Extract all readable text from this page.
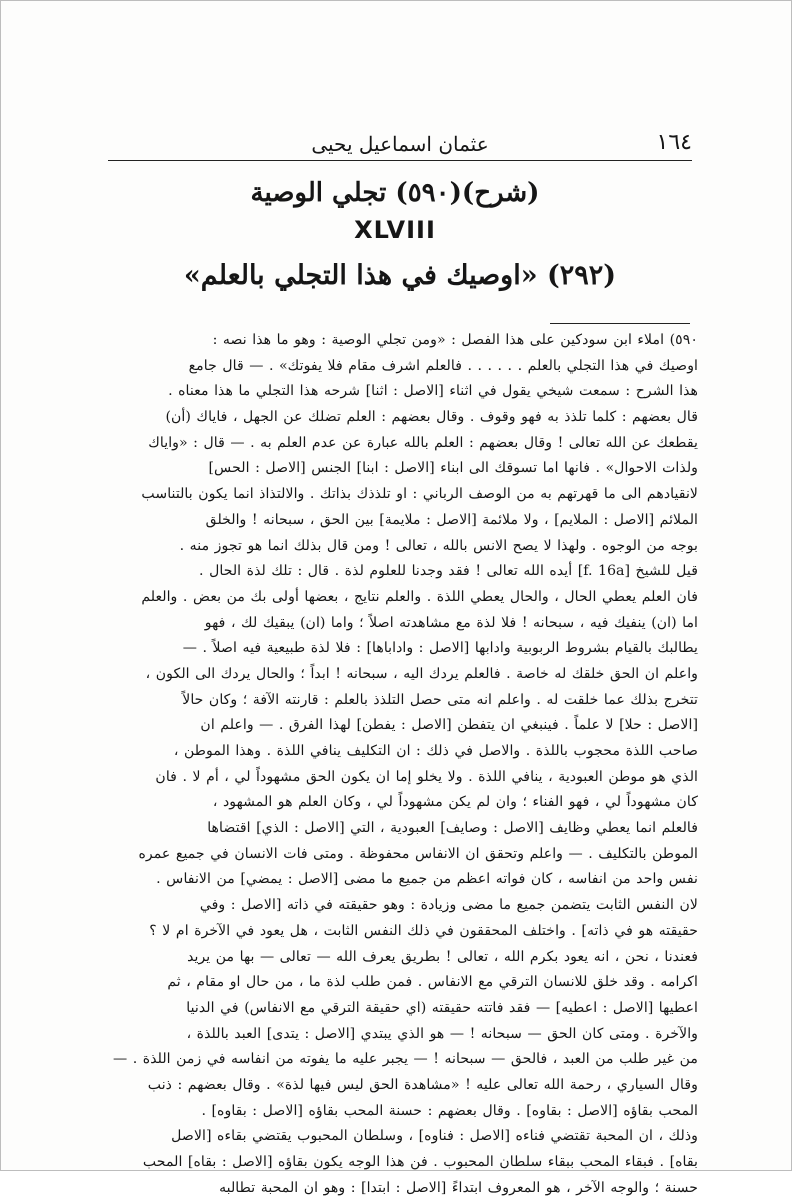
١٦٤
عثمان اسماعيل يحيى
(شرح)(٥٩٠) تجلي الوصية
XLVIII
(٢٩٢) «اوصيك في هذا التجلي بالعلم»
٥٩٠) املاء ابن سودكين على هذا الفصل : «ومن تجلي الوصية : وهو ما هذا نصه :
اوصيك في هذا التجلي بالعلم . . . . . . فالعلم اشرف مقام فلا يفوتك» . — قال جامع
هذا الشرح : سمعت شيخي يقول في اثناء [الاصل : اثنا] شرحه هذا التجلي ما هذا معناه .
قال بعضهم : كلما تلذذ به فهو وقوف . وقال بعضهم : العلم تضلك عن الجهل ، فاياك (أن)
يقطعك عن الله تعالى ! وقال بعضهم : العلم بالله عبارة عن عدم العلم به . — قال : «واياك
ولذات الاحوال» . فانها اما تسوقك الى ابناء [الاصل : ابنا] الجنس [الاصل : الحس]
لانقيادهم الى ما قهرتهم به من الوصف الرباني : او تلذذك بذاتك . والالتذاذ انما يكون بالتناسب
الملائم [الاصل : الملايم] ، ولا ملائمة [الاصل : ملايمة] بين الحق ، سبحانه ! والخلق
بوجه من الوجوه . ولهذا لا يصح الانس بالله ، تعالى ! ومن قال بذلك انما هو تجوز منه .
قيل للشيخ [f. 16a] أيده الله تعالى ! فقد وجدنا للعلوم لذة . قال : تلك لذة الحال .
فان العلم يعطي الحال ، والحال يعطي اللذة . والعلم نتايج ، بعضها أولى بك من بعض . والعلم
اما (ان) ينفيك فيه ، سبحانه ! فلا لذة مع مشاهدته اصلاً ؛ واما (ان) يبقيك لك ، فهو
يطالبك بالقيام بشروط الربوبية وادابها [الاصل : واداباها] : فلا لذة طبيعية فيه اصلاً . —
واعلم ان الحق خلقك له خاصة . فالعلم يردك اليه ، سبحانه ! ابداً ؛ والحال يردك الى الكون ،
تتخرج بذلك عما خلقت له . واعلم انه متى حصل التلذذ بالعلم : قارنته الآفة ؛ وكان حالاً
[الاصل : حلا] لا علماً . فينبغي ان يتفطن [الاصل : يفطن] لهذا الفرق . — واعلم ان
صاحب اللذة محجوب باللذة . والاصل في ذلك : ان التكليف ينافي اللذة . وهذا الموطن ،
الذي هو موطن العبودية ، ينافي اللذة . ولا يخلو إما ان يكون الحق مشهوداً لي ، أم لا . فان
كان مشهوداً لي ، فهو الفناء ؛ وان لم يكن مشهوداً لي ، وكان العلم هو المشهود ،
فالعلم انما يعطي وظايف [الاصل : وصايف] العبودية ، التي [الاصل : الذي] اقتضاها
الموطن بالتكليف . — واعلم وتحقق ان الانفاس محفوظة . ومتى فات الانسان في جميع عمره
نفس واحد من انفاسه ، كان فواته اعظم من جميع ما مضى [الاصل : يمضي] من الانفاس .
لان النفس الثابت يتضمن جميع ما مضى وزيادة : وهو حقيقته في ذاته [الاصل : وفي
حقيقته هو في ذاته] . واختلف المحققون في ذلك النفس الثابت ، هل يعود في الآخرة ام لا ؟
فعندنا ، نحن ، انه يعود بكرم الله ، تعالى ! بطريق يعرف الله — تعالى — بها من يريد
اكرامه . وقد خلق للانسان الترقي مع الانفاس . فمن طلب لذة ما ، من حال او مقام ، ثم
اعطيها [الاصل : اعطيه] — فقد فاتته حقيقته (اي حقيقة الترقي مع الانفاس) في الدنيا
والآخرة . ومتى كان الحق — سبحانه ! — هو الذي يبتدي [الاصل : يتدى] العبد باللذة ،
من غير طلب من العبد ، فالحق — سبحانه ! — يجبر عليه ما يفوته من انفاسه في زمن اللذة . —
وقال السياري ، رحمة الله تعالى عليه ! «مشاهدة الحق ليس فيها لذة» . وقال بعضهم : ذنب
المحب بقاؤه [الاصل : بقاوه] . وقال بعضهم : حسنة المحب بقاؤه [الاصل : بقاوه] .
وذلك ، ان المحبة تقتضي فناءه [الاصل : فناوه] ، وسلطان المحبوب يقتضي بقاءه [الاصل
بقاه] . فبقاء المحب ببقاء سلطان المحبوب . فن هذا الوجه يكون بقاؤه [الاصل : بقاه] المحب
حسنة ؛ والوجه الآخر ، هو المعروف ابتداءً [الاصل : ابتدا] : وهو ان المحبة تطالبه
